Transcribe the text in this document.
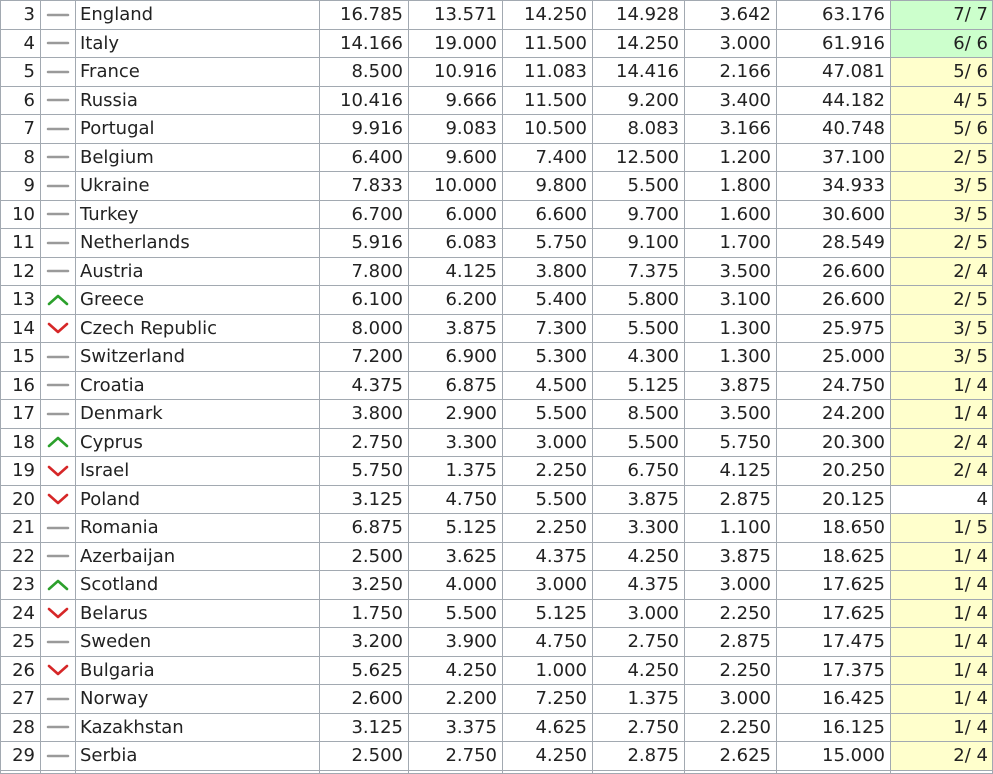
3		England	16.785	13.571	14.250	14.928	3.642	63.176	7/ 7
4		Italy	14.166	19.000	11.500	14.250	3.000	61.916	6/ 6
5		France	8.500	10.916	11.083	14.416	2.166	47.081	5/ 6
6		Russia	10.416	9.666	11.500	9.200	3.400	44.182	4/ 5
7		Portugal	9.916	9.083	10.500	8.083	3.166	40.748	5/ 6
8		Belgium	6.400	9.600	7.400	12.500	1.200	37.100	2/ 5
9		Ukraine	7.833	10.000	9.800	5.500	1.800	34.933	3/ 5
10		Turkey	6.700	6.000	6.600	9.700	1.600	30.600	3/ 5
11		Netherlands	5.916	6.083	5.750	9.100	1.700	28.549	2/ 5
12		Austria	7.800	4.125	3.800	7.375	3.500	26.600	2/ 4
13		Greece	6.100	6.200	5.400	5.800	3.100	26.600	2/ 5
14		Czech Republic	8.000	3.875	7.300	5.500	1.300	25.975	3/ 5
15		Switzerland	7.200	6.900	5.300	4.300	1.300	25.000	3/ 5
16		Croatia	4.375	6.875	4.500	5.125	3.875	24.750	1/ 4
17		Denmark	3.800	2.900	5.500	8.500	3.500	24.200	1/ 4
18		Cyprus	2.750	3.300	3.000	5.500	5.750	20.300	2/ 4
19		Israel	5.750	1.375	2.250	6.750	4.125	20.250	2/ 4
20		Poland	3.125	4.750	5.500	3.875	2.875	20.125	4
21		Romania	6.875	5.125	2.250	3.300	1.100	18.650	1/ 5
22		Azerbaijan	2.500	3.625	4.375	4.250	3.875	18.625	1/ 4
23		Scotland	3.250	4.000	3.000	4.375	3.000	17.625	1/ 4
24		Belarus	1.750	5.500	5.125	3.000	2.250	17.625	1/ 4
25		Sweden	3.200	3.900	4.750	2.750	2.875	17.475	1/ 4
26		Bulgaria	5.625	4.250	1.000	4.250	2.250	17.375	1/ 4
27		Norway	2.600	2.200	7.250	1.375	3.000	16.425	1/ 4
28		Kazakhstan	3.125	3.375	4.625	2.750	2.250	16.125	1/ 4
29		Serbia	2.500	2.750	4.250	2.875	2.625	15.000	2/ 4
